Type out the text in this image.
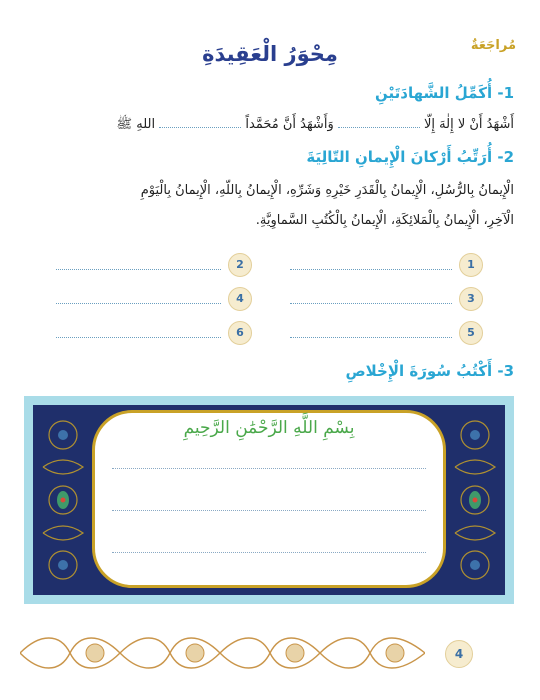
مُراجَعَةٌ
مِحْوَرُ الْعَقِيدَةِ
1- أُكَمِّلُ الشَّهادَتَيْنِ
أَشْهَدُ أَنْ لا إِلٰهَ إِلّا  وَأَشْهَدُ أَنَّ مُحَمَّداً  اللهِ ﷺ
2- أُرَتِّبُ أَرْكانَ الْإِيمانِ التّالِيَةَ
الْإِيمانُ بِالرُّسُلِ، الْإِيمانُ بِالْقَدَرِ خَيْرِهِ وَشَرِّهِ، الْإِيمانُ بِاللّهِ، الْإِيمانُ بِالْيَوْمِ
الْآخِرِ، الْإِيمانُ بِالْمَلائِكَةِ، الْإِيمانُ بِالْكُتُبِ السَّماوِيَّةِ.
1
2
3
4
5
6
3- أَكْتُبُ سُورَةَ الْإِخْلاصِ
بِسْمِ اللَّهِ الرَّحْمَٰنِ الرَّحِيمِ
4
